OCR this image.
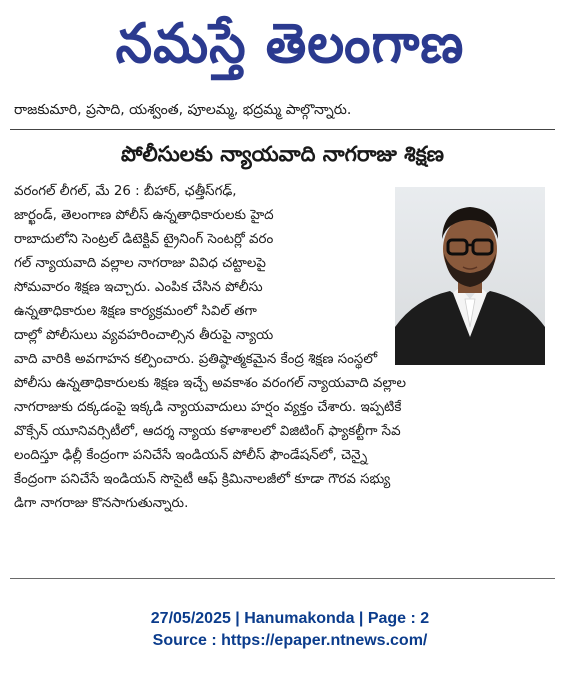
నమస్తే తెలంగాణ
రాజకుమారి, ప్రసాది, యశ్వంత, పూలమ్మ, భద్రమ్మ పాల్గొన్నారు.
పోలీసులకు న్యాయవాది నాగరాజు శిక్షణ
వరంగల్ లీగల్, మే 26 : బీహార్, ఛత్తీస్‌గఢ్,
జార్ఖండ్, తెలంగాణ పోలీస్ ఉన్నతాధికారులకు హైద
రాబాదులోని సెంట్రల్ డిటెక్టివ్ ట్రైనింగ్ సెంటర్లో వరం
గల్ న్యాయవాది వల్లాల నాగరాజు వివిధ చట్టాలపై
సోమవారం శిక్షణ ఇచ్చారు. ఎంపిక చేసిన పోలీసు
ఉన్నతాధికారుల శిక్షణ కార్యక్రమంలో సివిల్ తగా
దాల్లో పోలీసులు వ్యవహరించాల్సిన తీరుపై న్యాయ
వాది వారికి అవగాహన కల్పించారు. ప్రతిష్ఠాత్మకమైన కేంద్ర శిక్షణ సంస్థలో
పోలీసు ఉన్నతాధికారులకు శిక్షణ ఇచ్చే అవకాశం వరంగల్ న్యాయవాది వల్లాల
నాగరాజుకు దక్కడంపై ఇక్కడి న్యాయవాదులు హర్షం వ్యక్తం చేశారు. ఇప్పటికే
వొక్సేన్ యూనివర్సిటీలో, ఆదర్శ న్యాయ కళాశాలలో విజిటింగ్ ఫ్యాకల్టీగా సేవ
లందిస్తూ ఢిల్లీ కేంద్రంగా పనిచేసే ఇండియన్ పోలీస్ ఫౌండేషన్‌లో, చెన్నై
కేంద్రంగా పనిచేసే ఇండియన్ సొసైటీ ఆఫ్ క్రిమినాలజీలో కూడా గౌరవ సభ్యు
డిగా నాగరాజు కొనసాగుతున్నారు.
27/05/2025 | Hanumakonda | Page : 2
Source : https://epaper.ntnews.com/
